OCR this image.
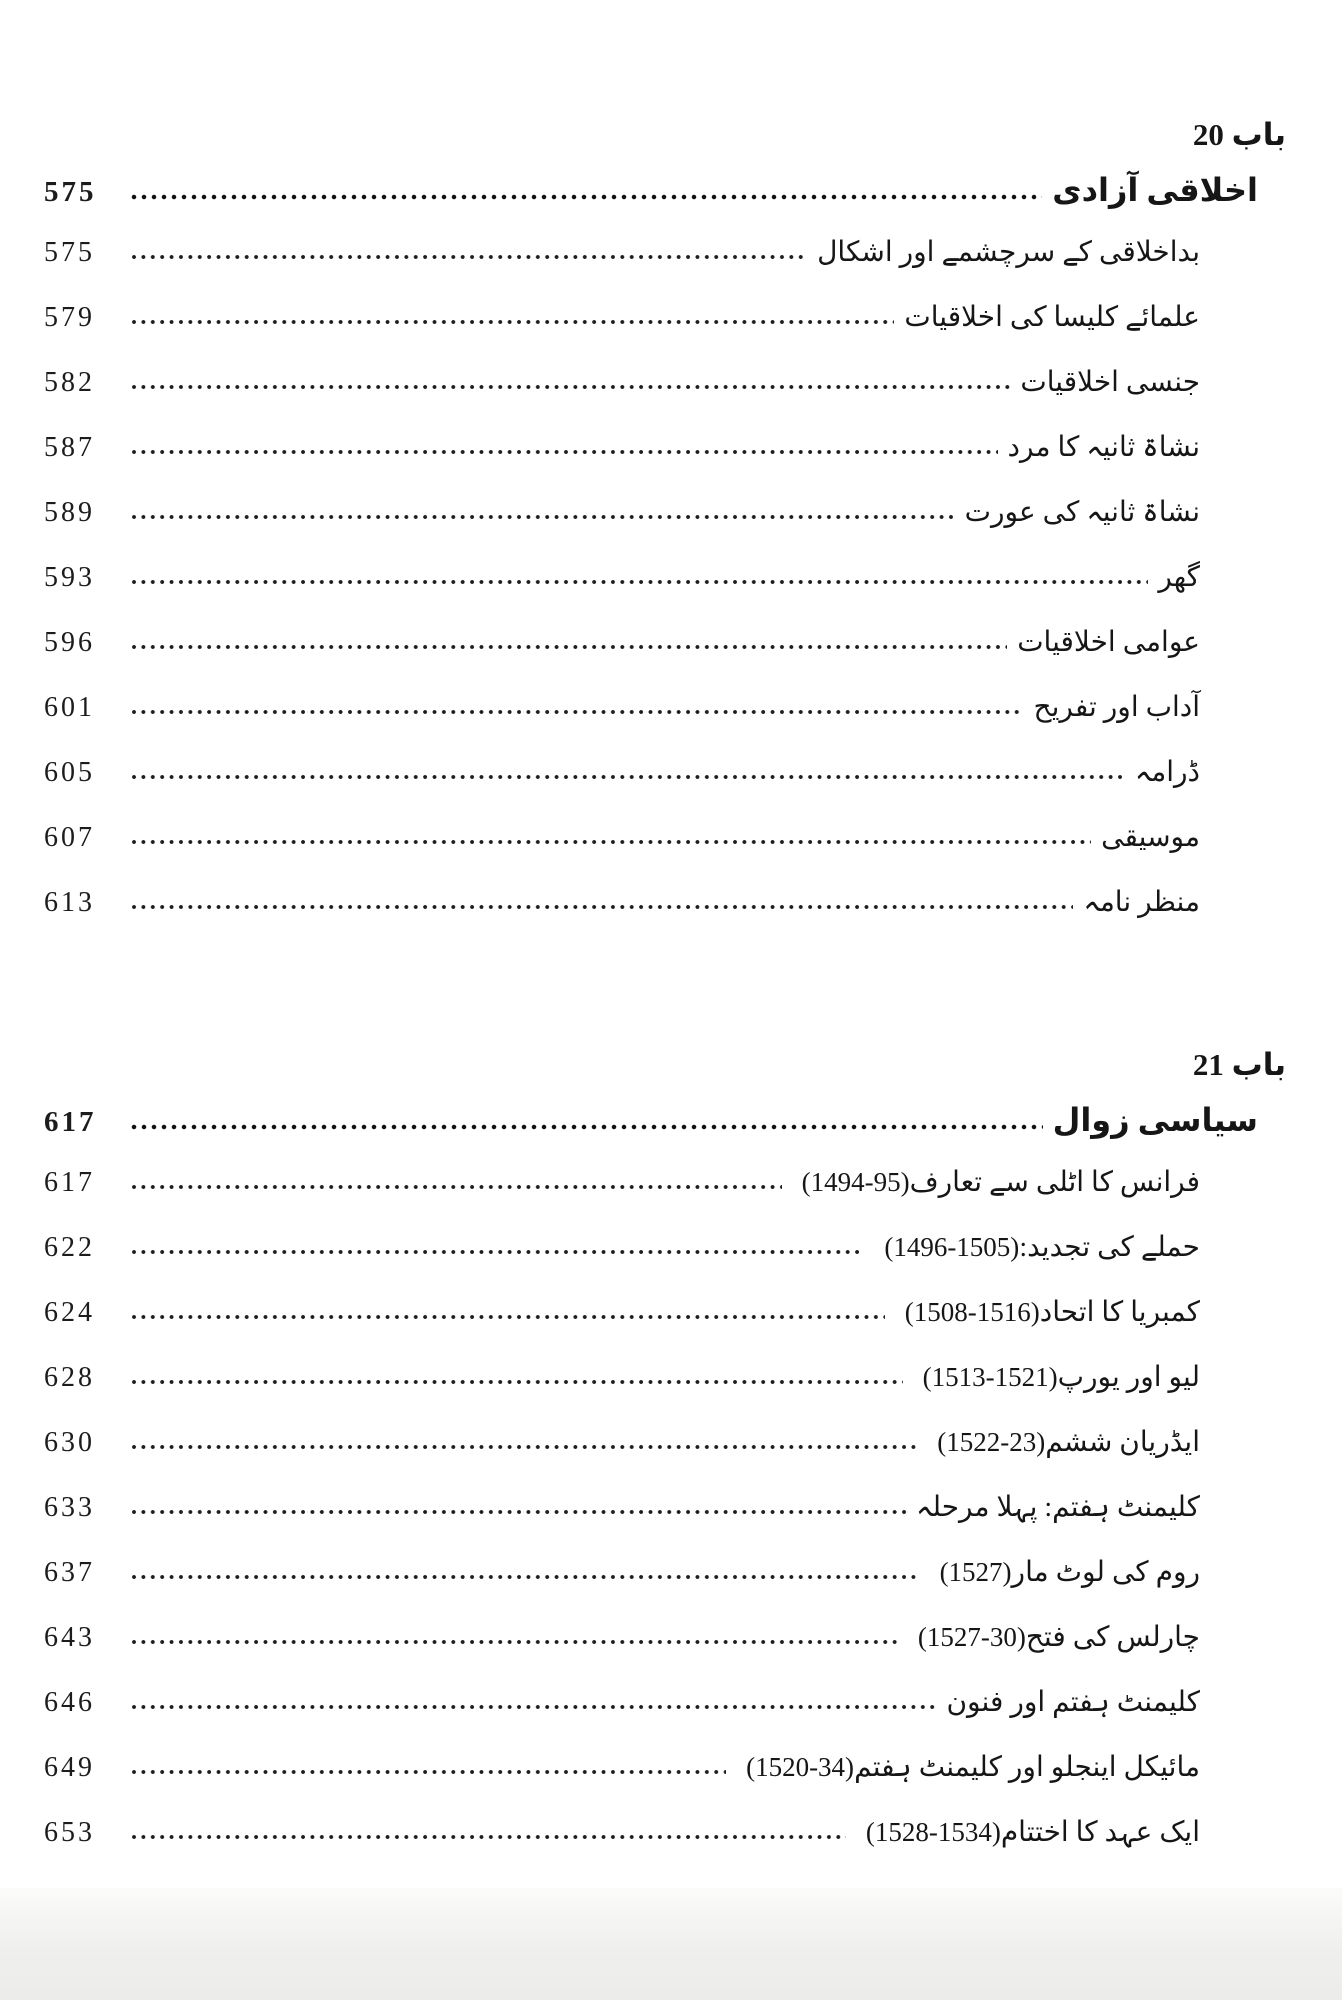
باب 20
اخلاقی آزادی
575
بداخلاقی کے سرچشمے اور اشکال
575
علمائے کلیسا کی اخلاقیات
579
جنسی اخلاقیات
582
نشاۃ ثانیہ کا مرد
587
نشاۃ ثانیہ کی عورت
589
گھر
593
عوامی اخلاقیات
596
آداب اور تفریح
601
ڈرامہ
605
موسیقی
607
منظر نامہ
613
باب 21
سیاسی زوال
617
فرانس کا اٹلی سے تعارف(1494-95)
617
حملے کی تجدید:(1496-1505)
622
کمبریا کا اتحاد(1508-1516)
624
لیو اور یورپ(1513-1521)
628
ایڈریان ششم(1522-23)
630
کلیمنٹ ہفتم: پہلا مرحلہ
633
روم کی لوٹ مار(1527)
637
چارلس کی فتح(1527-30)
643
کلیمنٹ ہفتم اور فنون
646
مائیکل اینجلو اور کلیمنٹ ہفتم(1520-34)
649
ایک عہد کا اختتام(1528-1534)
653
